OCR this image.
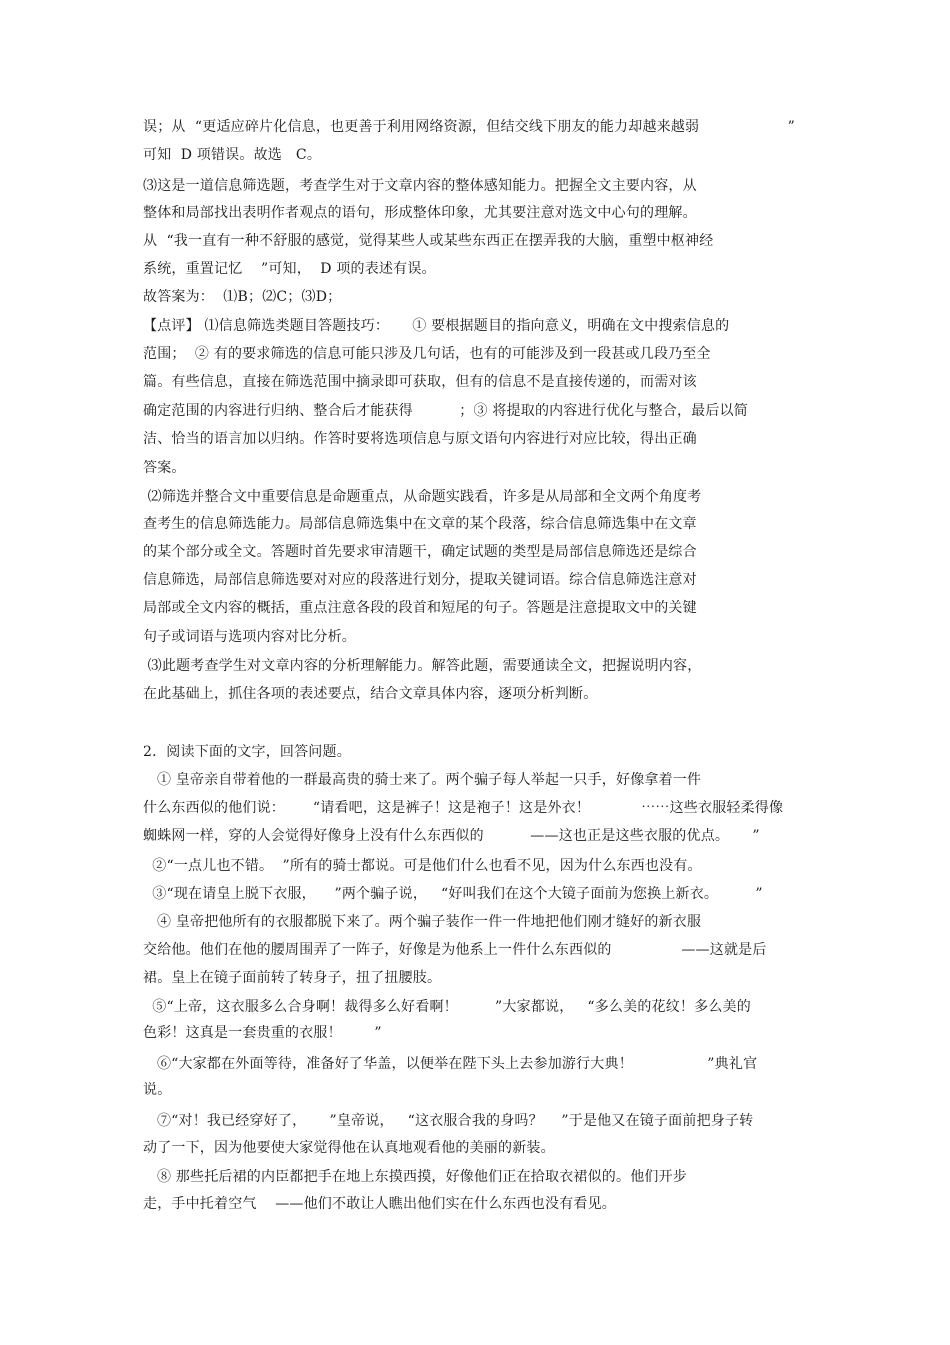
误；从  “更适应碎片化信息，也更善于利用网络资源，但结交线下朋友的能力却越来越弱                   ”
可知  D 项错误。故选   C。
⑶这是一道信息筛选题，考查学生对于文章内容的整体感知能力。把握全文主要内容，从
整体和局部找出表明作者观点的语句，形成整体印象，尤其要注意对选文中心句的理解。
从  “我一直有一种不舒服的感觉，觉得某些人或某些东西正在摆弄我的大脑，重塑中枢神经
系统，重置记忆    ”可知，  D 项的表述有误。
故答案为：  ⑴B；⑵C；⑶D；
【点评】 ⑴信息筛选类题目答题技巧：     ① 要根据题目的指向意义，明确在文中搜索信息的
范围；  ② 有的要求筛选的信息可能只涉及几句话，也有的可能涉及到一段甚或几段乃至全
篇。有些信息，直接在筛选范围中摘录即可获取，但有的信息不是直接传递的，而需对该
确定范围的内容进行归纳、整合后才能获得          ；③ 将提取的内容进行优化与整合，最后以简
洁、恰当的语言加以归纳。作答时要将选项信息与原文语句内容进行对应比较，得出正确
答案。
⑵筛选并整合文中重要信息是命题重点，从命题实践看，许多是从局部和全文两个角度考
查考生的信息筛选能力。局部信息筛选集中在文章的某个段落，综合信息筛选集中在文章
的某个部分或全文。答题时首先要求审清题干，确定试题的类型是局部信息筛选还是综合
信息筛选，局部信息筛选要对对应的段落进行划分，提取关键词语。综合信息筛选注意对
局部或全文内容的概括，重点注意各段的段首和短尾的句子。答题是注意提取文中的关键
句子或词语与选项内容对比分析。
⑶此题考查学生对文章内容的分析理解能力。解答此题，需要通读全文，把握说明内容，
在此基础上，抓住各项的表述要点，结合文章具体内容，逐项分析判断。
2．阅读下面的文字，回答问题。
① 皇帝亲自带着他的一群最高贵的骑士来了。两个骗子每人举起一只手，好像拿着一件
什么东西似的他们说：      “请看吧，这是裤子！这是袍子！这是外衣！           ⋯⋯这些衣服轻柔得像
蜘蛛网一样，穿的人会觉得好像身上没有什么东西似的          ——这也正是这些衣服的优点。     ”
②“一点儿也不错。  ”所有的骑士都说。可是他们什么也看不见，因为什么东西也没有。
③“现在请皇上脱下衣服，    ”两个骗子说，   “好叫我们在这个大镜子面前为您换上新衣。        ”
④ 皇帝把他所有的衣服都脱下来了。两个骗子装作一件一件地把他们刚才缝好的新衣服
交给他。他们在他的腰周围弄了一阵子，好像是为他系上一件什么东西似的               ——这就是后
裙。皇上在镜子面前转了转身子，扭了扭腰肢。
⑤“上帝，这衣服多么合身啊！裁得多么好看啊！        ”大家都说，   “多么美的花纹！多么美的
色彩！这真是一套贵重的衣服！       ”
⑥“大家都在外面等待，准备好了华盖，以便举在陛下头上去参加游行大典！                ”典礼官
说。
⑦“对！我已经穿好了，     ”皇帝说，   “这衣服合我的身吗？    ”于是他又在镜子面前把身子转
动了一下，因为他要使大家觉得他在认真地观看他的美丽的新装。
⑧ 那些托后裙的内臣都把手在地上东摸西摸，好像他们正在拾取衣裙似的。他们开步
走，手中托着空气    ——他们不敢让人瞧出他们实在什么东西也没有看见。
